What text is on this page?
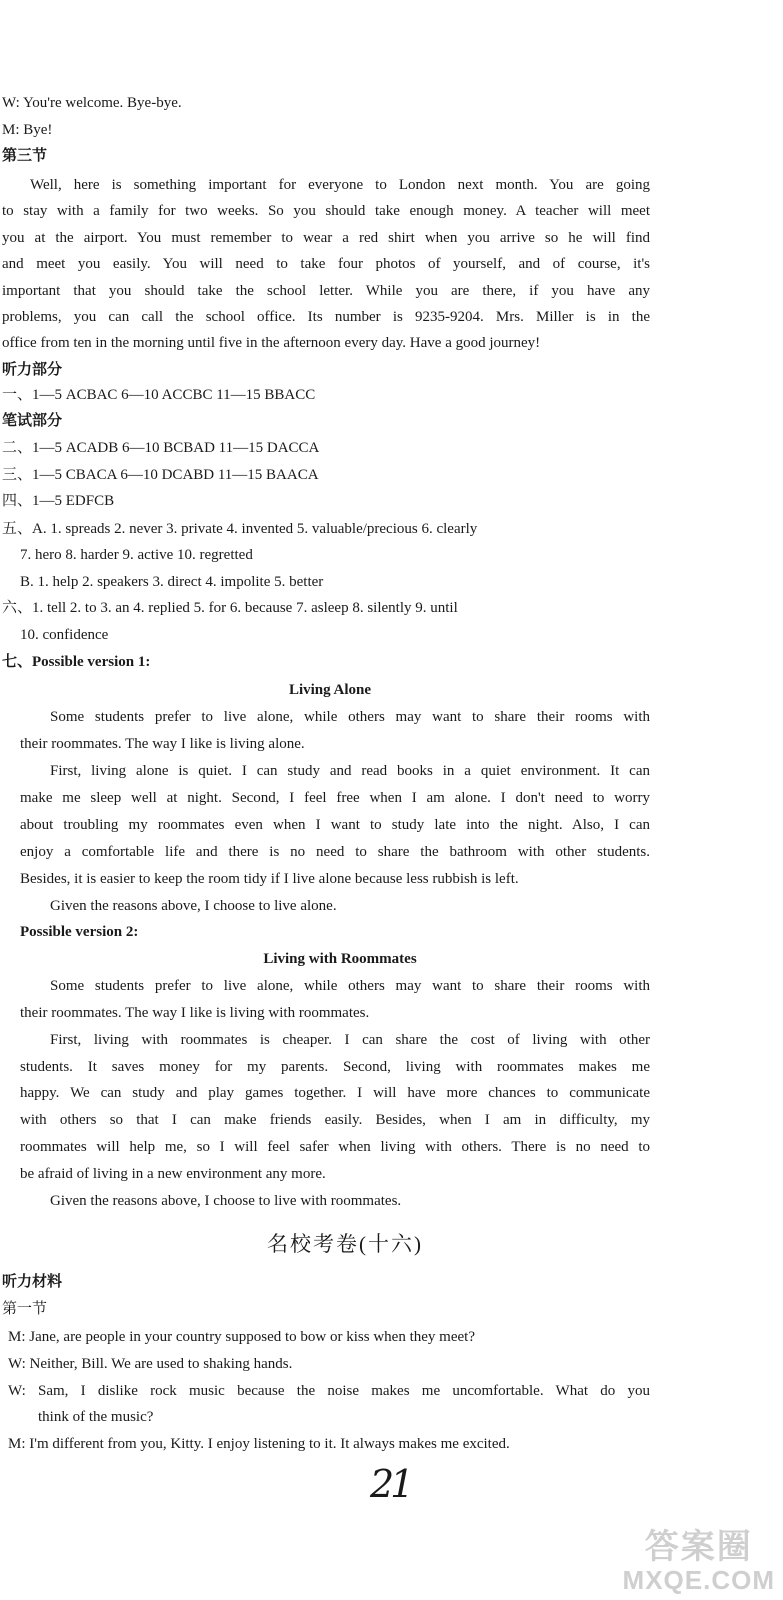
W: You're welcome. Bye-bye.
M: Bye!
第三节
Well, here is something important for everyone to London next month. You are going
to stay with a family for two weeks. So you should take enough money. A teacher will meet
you at the airport. You must remember to wear a red shirt when you arrive so he will find
and meet you easily. You will need to take four photos of yourself, and of course, it's
important that you should take the school letter. While you are there, if you have any
problems, you can call the school office. Its number is 9235-9204. Mrs. Miller is in the
office from ten in the morning until five in the afternoon every day. Have a good journey!
听力部分
一、1—5 ACBAC 6—10 ACCBC 11—15 BBACC
笔试部分
二、1—5 ACADB 6—10 BCBAD 11—15 DACCA
三、1—5 CBACA 6—10 DCABD 11—15 BAACA
四、1—5 EDFCB
五、A. 1. spreads 2. never 3. private 4. invented 5. valuable/precious 6. clearly
7. hero 8. harder 9. active 10. regretted
B. 1. help 2. speakers 3. direct 4. impolite 5. better
六、1. tell 2. to 3. an 4. replied 5. for 6. because 7. asleep 8. silently 9. until
10. confidence
七、Possible version 1:
Living Alone
Some students prefer to live alone, while others may want to share their rooms with
their roommates. The way I like is living alone.
First, living alone is quiet. I can study and read books in a quiet environment. It can
make me sleep well at night. Second, I feel free when I am alone. I don't need to worry
about troubling my roommates even when I want to study late into the night. Also, I can
enjoy a comfortable life and there is no need to share the bathroom with other students.
Besides, it is easier to keep the room tidy if I live alone because less rubbish is left.
Given the reasons above, I choose to live alone.
Possible version 2:
Living with Roommates
Some students prefer to live alone, while others may want to share their rooms with
their roommates. The way I like is living with roommates.
First, living with roommates is cheaper. I can share the cost of living with other
students. It saves money for my parents. Second, living with roommates makes me
happy. We can study and play games together. I will have more chances to communicate
with others so that I can make friends easily. Besides, when I am in difficulty, my
roommates will help me, so I will feel safer when living with others. There is no need to
be afraid of living in a new environment any more.
Given the reasons above, I choose to live with roommates.
名校考卷(十六)
听力材料
第一节
M: Jane, are people in your country supposed to bow or kiss when they meet?
W: Neither, Bill. We are used to shaking hands.
W: Sam, I dislike rock music because the noise makes me uncomfortable. What do you
think of the music?
M: I'm different from you, Kitty. I enjoy listening to it. It always makes me excited.
21
答案圈
MXQE.COM
